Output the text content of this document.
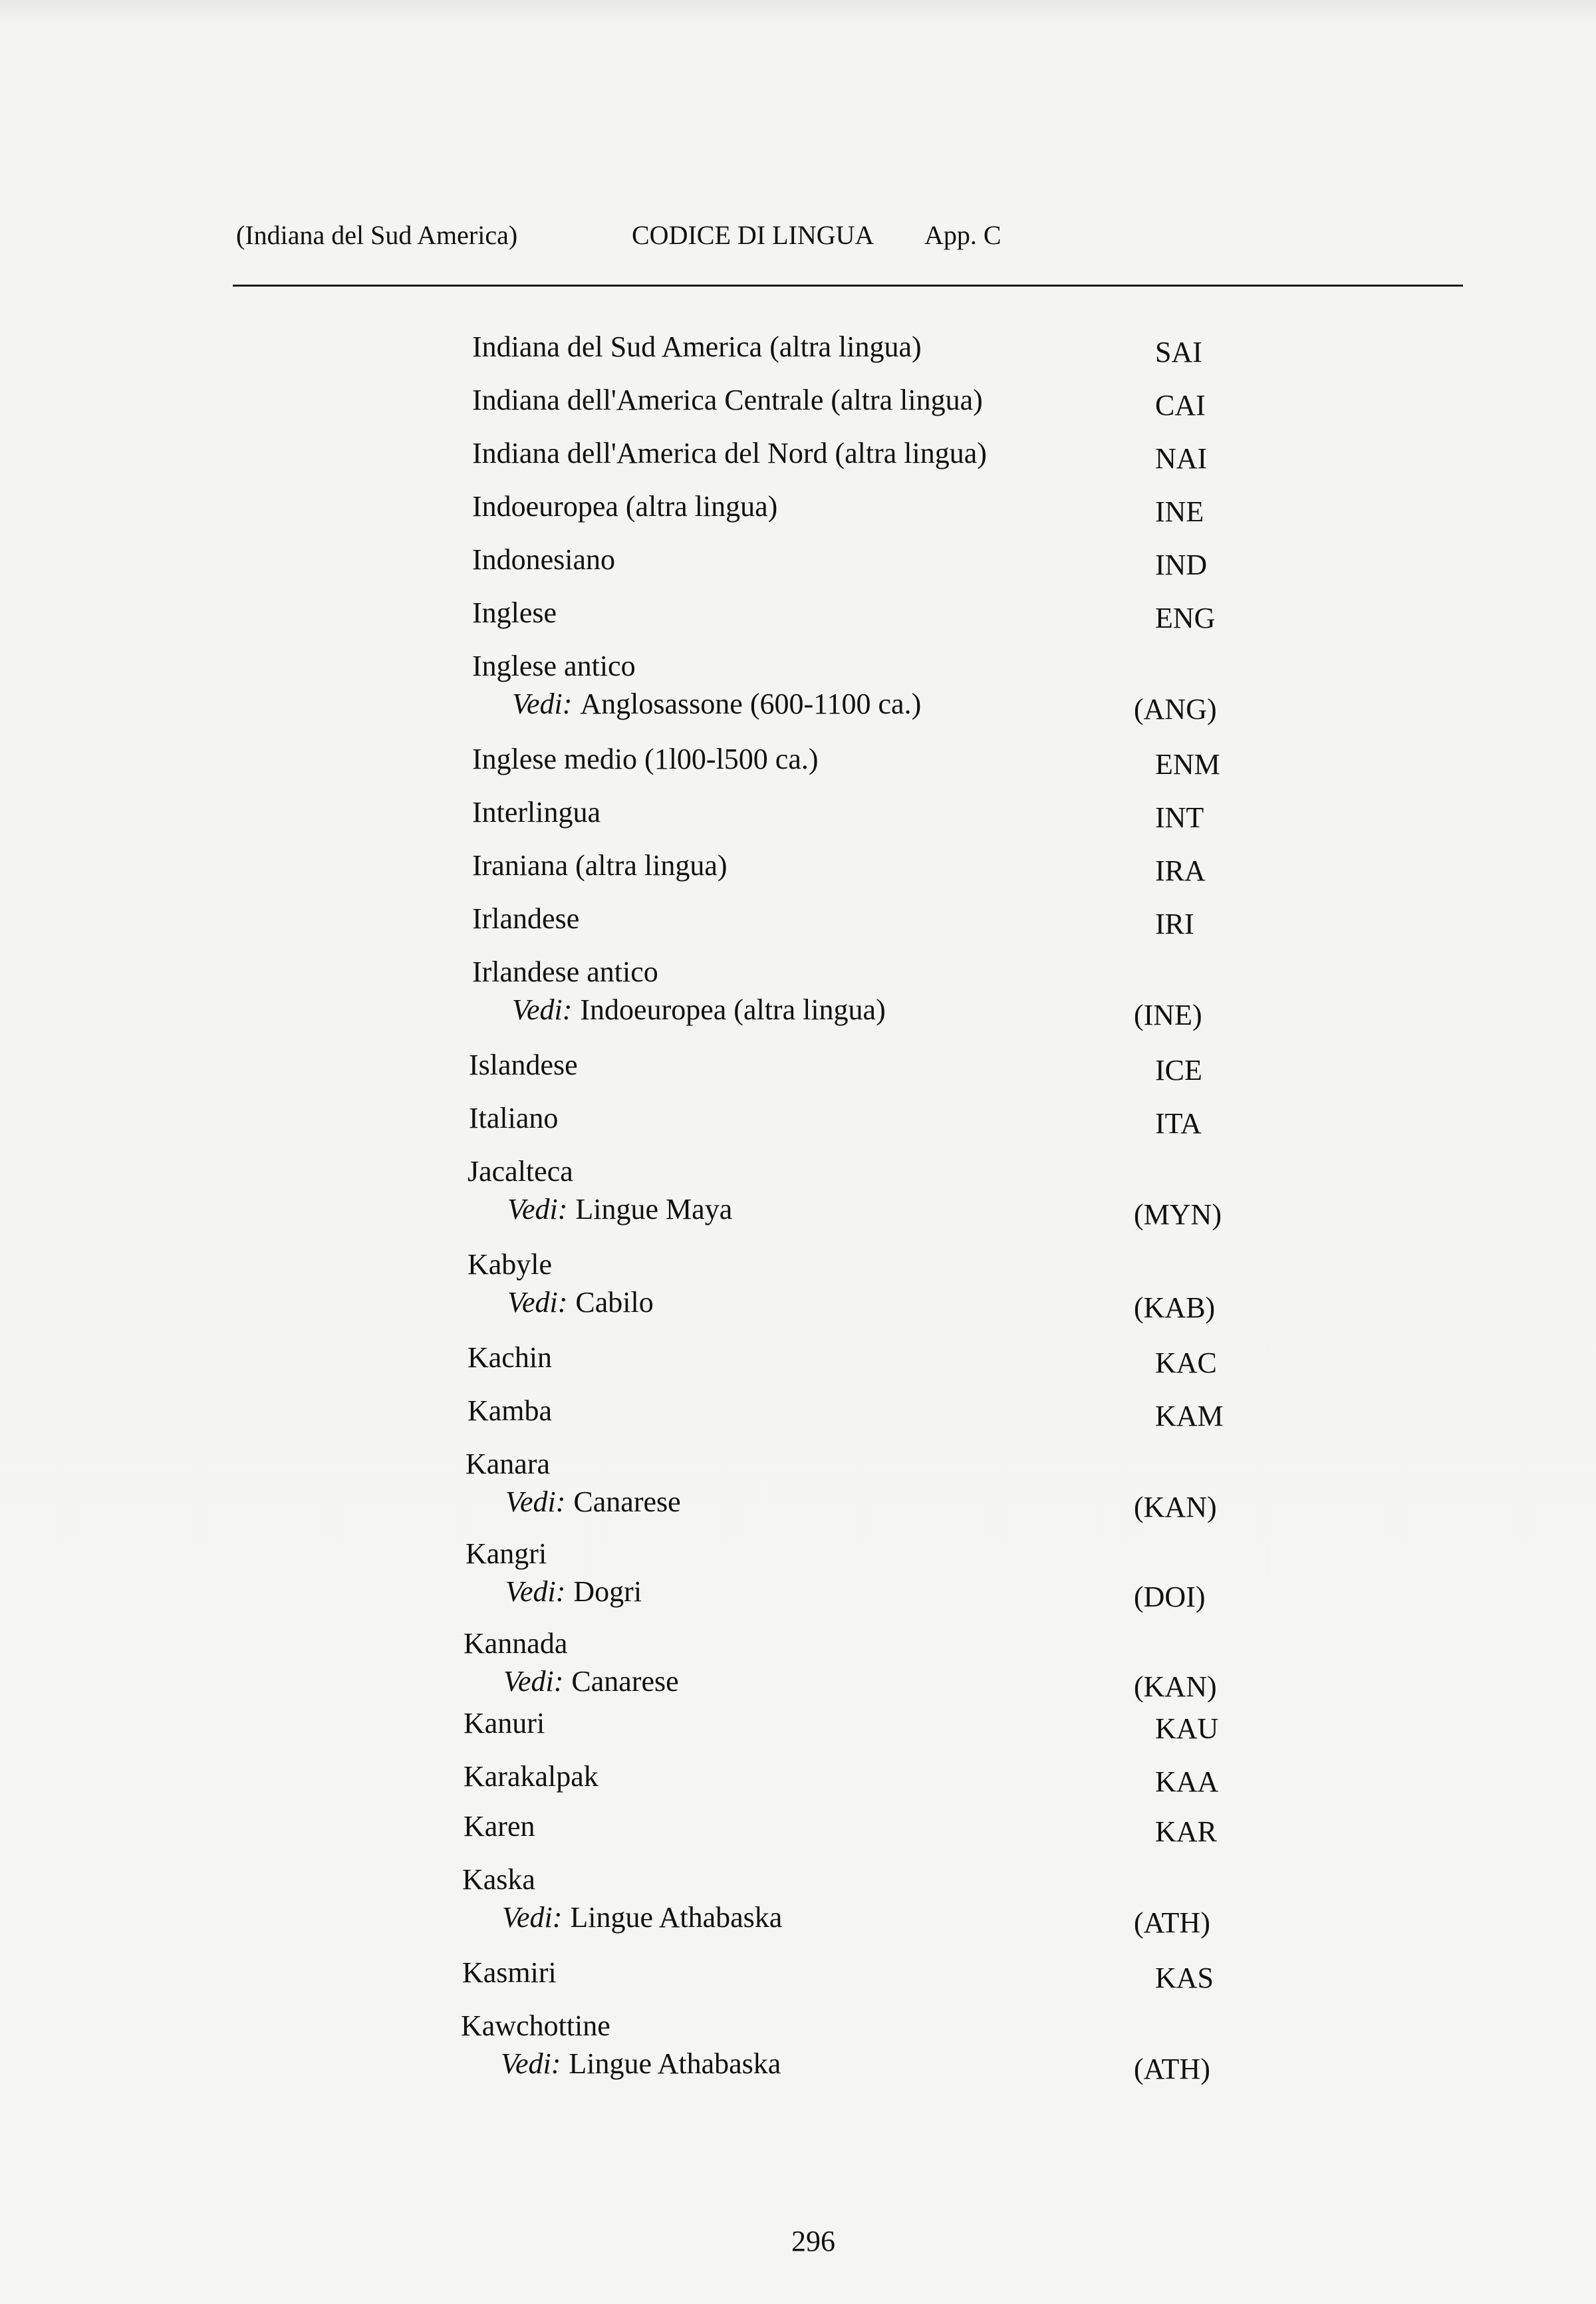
(Indiana del Sud America)	CODICE DI LINGUA App. C
Indiana del Sud America (altra lingua)	SAI
Indiana dell'America Centrale (altra lingua)	CAI
Indiana dell'America del Nord (altra lingua)	NAI
Indoeuropea (altra lingua)	INE
Indonesiano	IND
Inglese	ENG
Inglese antico
Vedi: Anglosassone (600-1100 ca.)	(ANG)
Inglese medio (1l00-l500 ca.)	ENM
Interlingua	INT
Iraniana (altra lingua)	IRA
Irlandese	IRI
Irlandese antico
Vedi: Indoeuropea (altra lingua)	(INE)
Islandese	ICE
Italiano	ITA
Jacalteca
Vedi: Lingue Maya	(MYN)
Kabyle
Vedi: Cabilo	(KAB)
Kachin	KAC
Kamba	KAM
Kanara
Vedi: Canarese	(KAN)
Kangri
Vedi: Dogri	(DOI)
Kannada
Vedi: Canarese	(KAN)
Kanuri	KAU
Karakalpak	KAA
Karen	KAR
Kaska
Vedi: Lingue Athabaska	(ATH)
Kasmiri	KAS
Kawchottine
Vedi: Lingue Athabaska	(ATH)
296
